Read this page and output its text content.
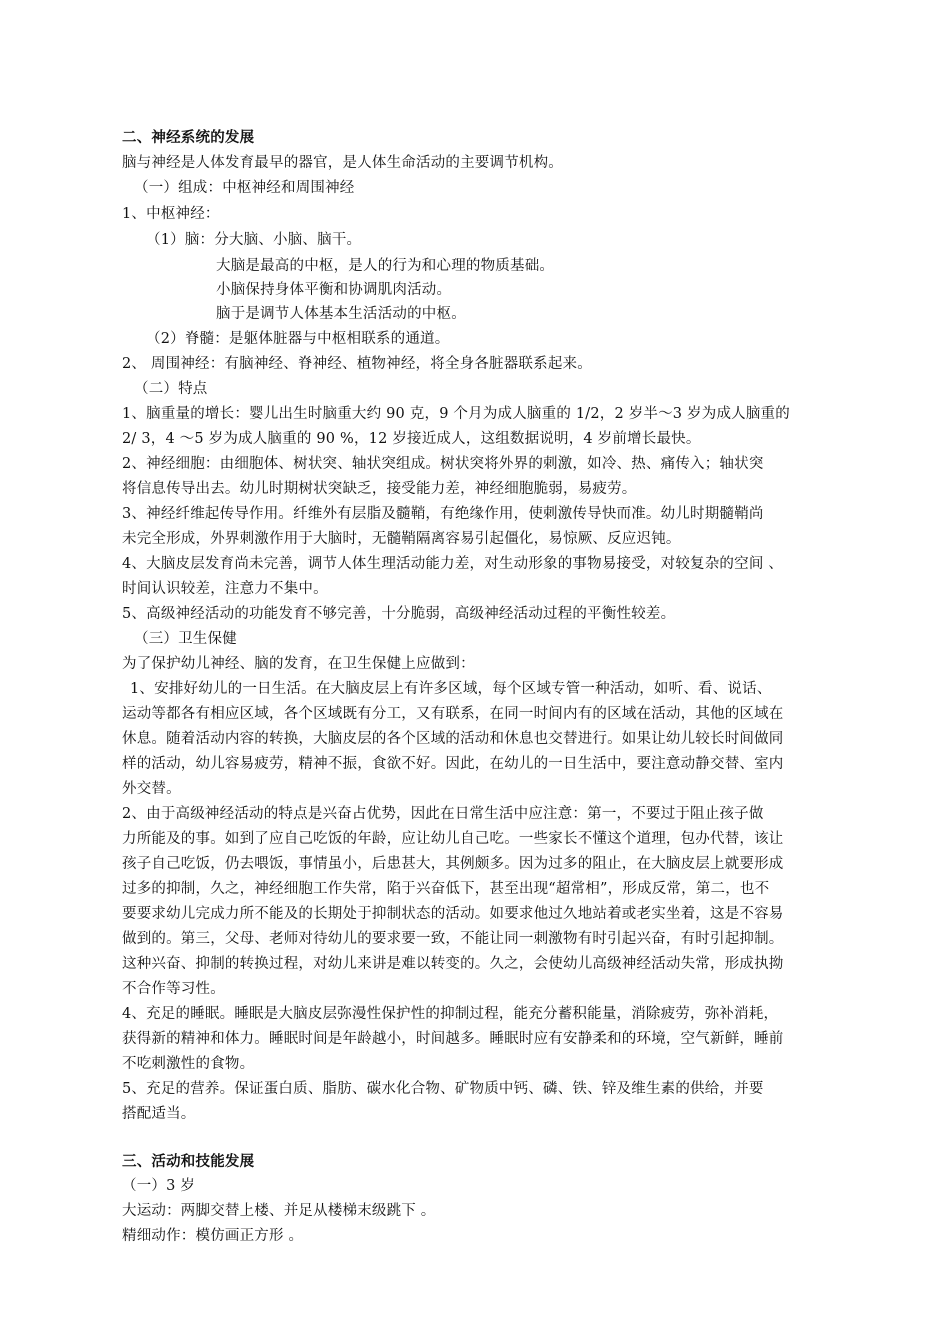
二、神经系统的发展
脑与神经是人体发育最早的器官，是人体生命活动的主要调节机构。
（一）组成：中枢神经和周围神经
1、中枢神经：
（1）脑：分大脑、小脑、脑干。
大脑是最高的中枢，是人的行为和心理的物质基础。
小脑保持身体平衡和协调肌肉活动。
脑于是调节人体基本生活活动的中枢。
（2）脊髓：是躯体脏器与中枢相联系的通道。
2、 周围神经：有脑神经、脊神经、植物神经，将全身各脏器联系起来。
（二）特点
1、脑重量的增长：婴儿出生时脑重大约 90 克，9 个月为成人脑重的 1/2，2 岁半～3 岁为成人脑重的
2/ 3，4 ～5 岁为成人脑重的 90 %，12 岁接近成人，这组数据说明，4 岁前增长最快。
2、神经细胞：由细胞体、树状突、轴状突组成。树状突将外界的刺激，如冷、热、痛传入；轴状突
将信息传导出去。幼儿时期树状突缺乏，接受能力差，神经细胞脆弱，易疲劳。
3、神经纤维起传导作用。纤维外有层脂及髓鞘，有绝缘作用，使刺激传导快而准。幼儿时期髓鞘尚
未完全形成，外界刺激作用于大脑时，无髓鞘隔离容易引起僵化，易惊厥、反应迟钝。
4、大脑皮层发育尚未完善，调节人体生理活动能力差，对生动形象的事物易接受，对较复杂的空间 、
时间认识较差，注意力不集中。
5、高级神经活动的功能发育不够完善，十分脆弱，高级神经活动过程的平衡性较差。
（三）卫生保健
为了保护幼儿神经、脑的发育，在卫生保健上应做到：
1、安排好幼儿的一日生活。在大脑皮层上有许多区域，每个区域专管一种活动，如听、看、说话、
运动等都各有相应区域，各个区域既有分工，又有联系，在同一时间内有的区域在活动，其他的区域在
休息。随着活动内容的转换，大脑皮层的各个区域的活动和休息也交替进行。如果让幼儿较长时间做同
样的活动，幼儿容易疲劳，精神不振，食欲不好。因此，在幼儿的一日生活中，要注意动静交替、室内
外交替。
2、由于高级神经活动的特点是兴奋占优势，因此在日常生活中应注意：第一，不要过于阻止孩子做
力所能及的事。如到了应自己吃饭的年龄，应让幼儿自己吃。一些家长不懂这个道理，包办代替，该让
孩子自己吃饭，仍去喂饭，事情虽小，后患甚大，其例颇多。因为过多的阻止，在大脑皮层上就要形成
过多的抑制，久之，神经细胞工作失常，陷于兴奋低下，甚至出现“超常相”，形成反常，第二，也不
要要求幼儿完成力所不能及的长期处于抑制状态的活动。如要求他过久地站着或老实坐着，这是不容易
做到的。第三，父母、老师对待幼儿的要求要一致，不能让同一刺激物有时引起兴奋，有时引起抑制。
这种兴奋、抑制的转换过程，对幼儿来讲是难以转变的。久之，会使幼儿高级神经活动失常，形成执拗
不合作等习性。
4、充足的睡眠。睡眠是大脑皮层弥漫性保护性的抑制过程，能充分蓄积能量，消除疲劳，弥补消耗，
获得新的精神和体力。睡眠时间是年龄越小，时间越多。睡眠时应有安静柔和的环境，空气新鲜，睡前
不吃刺激性的食物。
5、充足的营养。保证蛋白质、脂肪、碳水化合物、矿物质中钙、磷、铁、锌及维生素的供给，并要
搭配适当。
三、活动和技能发展
（一）3 岁
大运动：两脚交替上楼、并足从楼梯末级跳下 。
精细动作：模仿画正方形 。
